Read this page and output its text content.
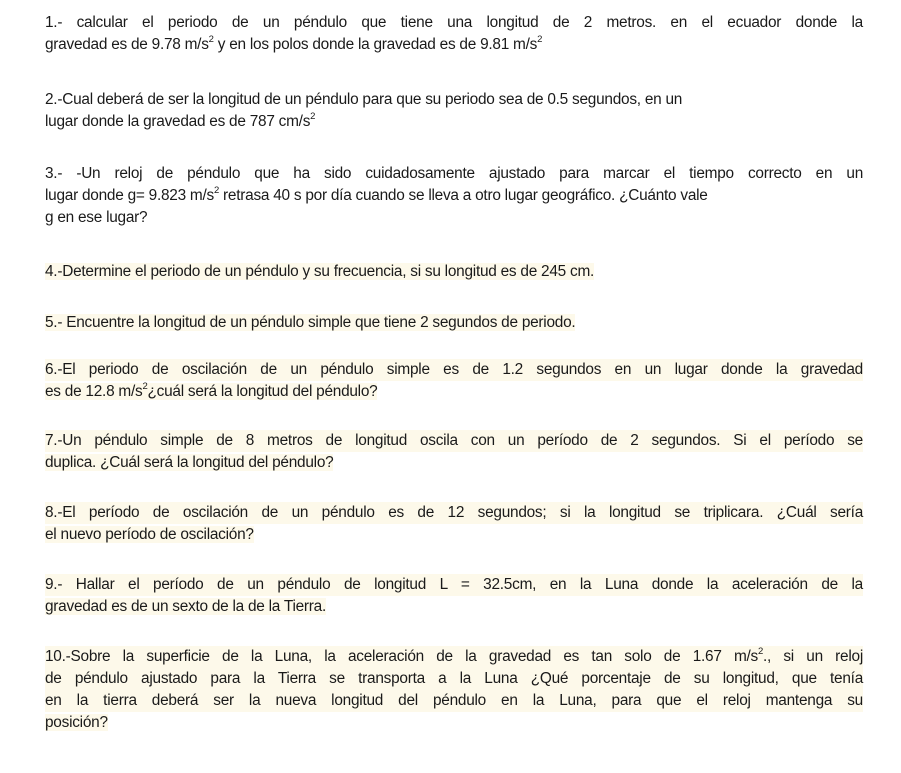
1.- calcular el periodo de un péndulo que tiene una longitud de 2 metros. en el ecuador donde la
gravedad es de 9.78 $m/s^2$ y en los polos donde la gravedad es de 9.81 $m/s^2$
2.-Cual deberá de ser la longitud de un péndulo para que su periodo sea de 0.5 segundos, en un
lugar donde la gravedad es de 787 $cm/s^2$
3.- -Un reloj de péndulo que ha sido cuidadosamente ajustado para marcar el tiempo correcto en un
lugar donde g= 9.823 $m/s^2$ retrasa 40 s por día cuando se lleva a otro lugar geográfico. ¿Cuánto vale
g en ese lugar?
4.-Determine el periodo de un péndulo y su frecuencia, si su longitud es de 245 cm.
5.- Encuentre la longitud de un péndulo simple que tiene 2 segundos de periodo.
6.-El periodo de oscilación de un péndulo simple es de 1.2 segundos en un lugar donde la gravedad
es de 12.8 $m/s^2¿cuál$ será la longitud del péndulo?
7.-Un péndulo simple de 8 metros de longitud oscila con un período de 2 segundos. Si el período se
duplica. ¿Cuál será la longitud del péndulo?
8.-El período de oscilación de un péndulo es de 12 segundos; si la longitud se triplicara. ¿Cuál sería
el nuevo período de oscilación?
9.- Hallar el período de un péndulo de longitud L = 32.5cm, en la Luna donde la aceleración de la
gravedad es de un sexto de la de la Tierra.
10.-Sobre la superficie de la Luna, la aceleración de la gravedad es tan solo de 1.67 $m/s^2$., si un reloj
de péndulo ajustado para la Tierra se transporta a la Luna ¿Qué porcentaje de su longitud, que tenía
en la tierra deberá ser la nueva longitud del péndulo en la Luna, para que el reloj mantenga su
posición?
